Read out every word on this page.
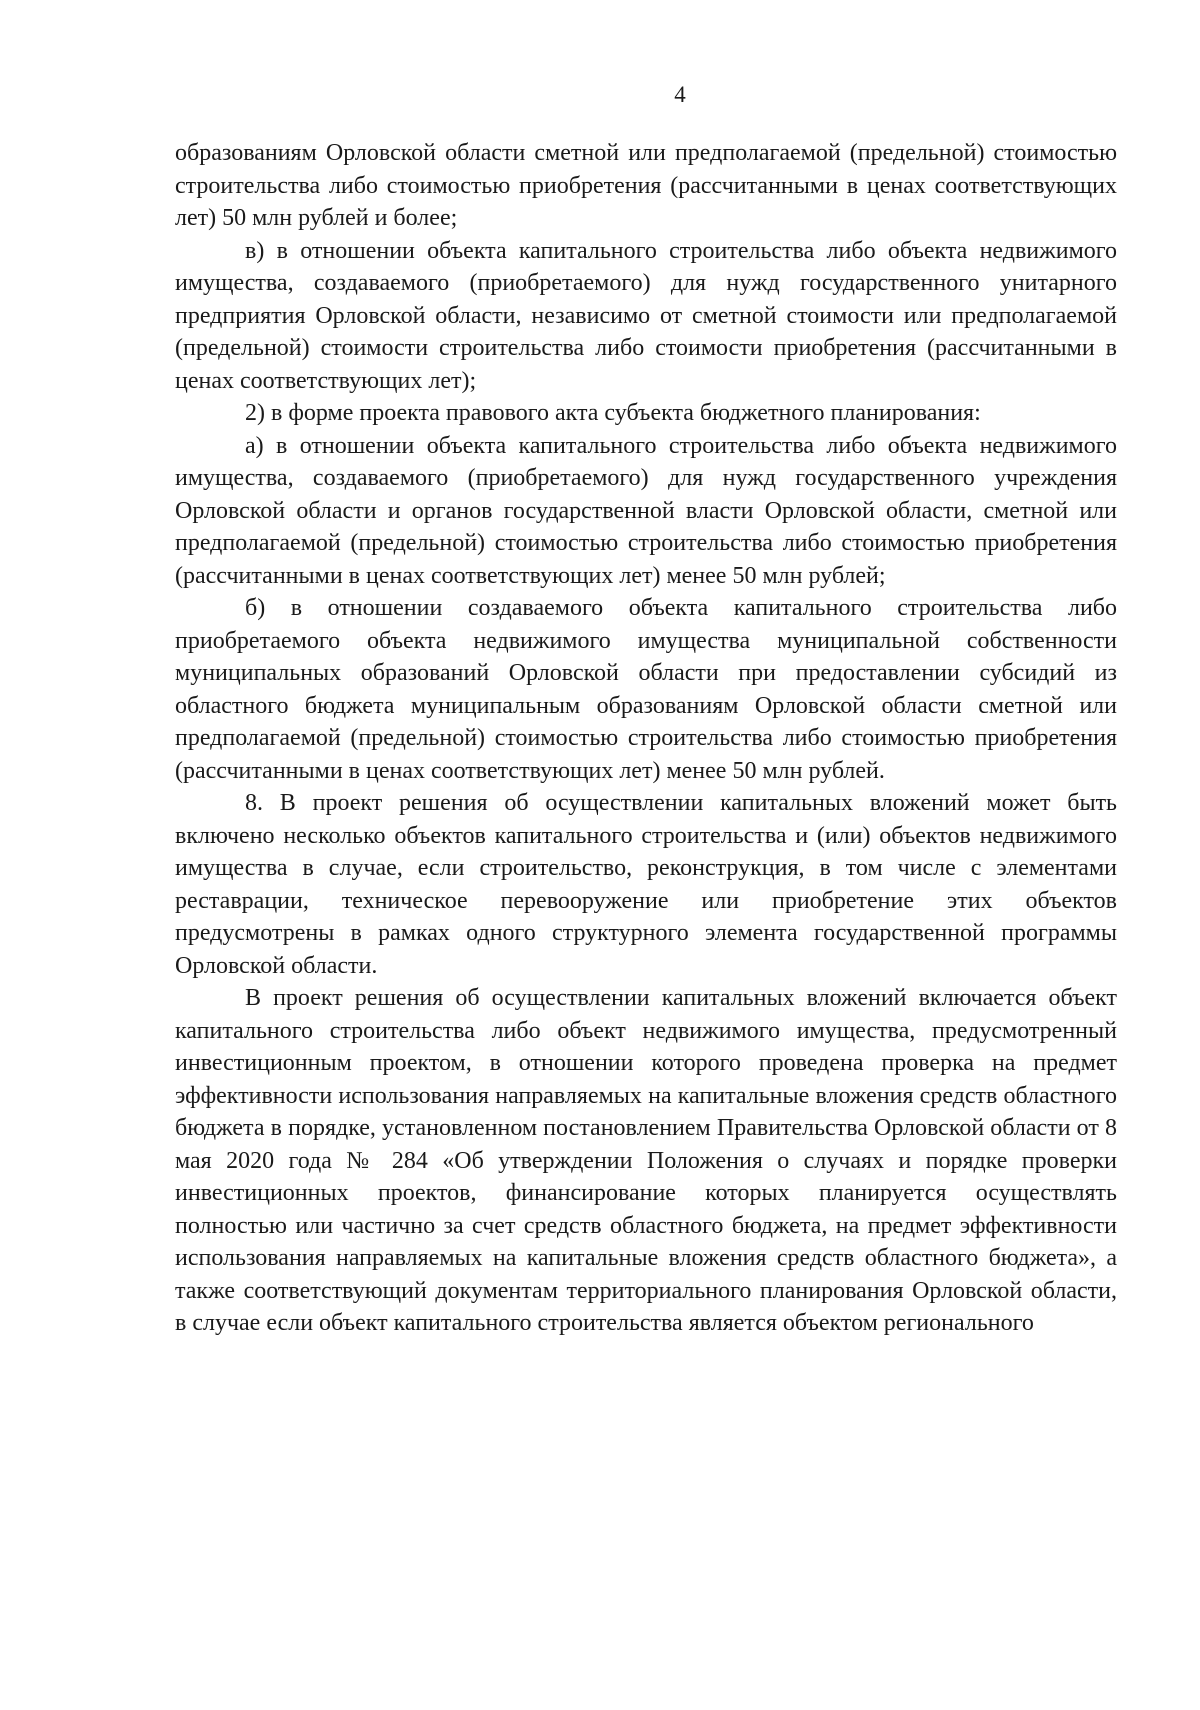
4

образованиям Орловской области сметной или предполагаемой (предельной) стоимостью строительства либо стоимостью приобретения (рассчитанными в ценах соответствующих лет) 50 млн рублей и более;

в) в отношении объекта капитального строительства либо объекта недвижимого имущества, создаваемого (приобретаемого) для нужд государственного унитарного предприятия Орловской области, независимо от сметной стоимости или предполагаемой (предельной) стоимости строительства либо стоимости приобретения (рассчитанными в ценах соответствующих лет);

2) в форме проекта правового акта субъекта бюджетного планирования:

а) в отношении объекта капитального строительства либо объекта недвижимого имущества, создаваемого (приобретаемого) для нужд государственного учреждения Орловской области и органов государственной власти Орловской области, сметной или предполагаемой (предельной) стоимостью строительства либо стоимостью приобретения (рассчитанными в ценах соответствующих лет) менее 50 млн рублей;

б) в отношении создаваемого объекта капитального строительства либо приобретаемого объекта недвижимого имущества муниципальной собственности муниципальных образований Орловской области при предоставлении субсидий из областного бюджета муниципальным образованиям Орловской области сметной или предполагаемой (предельной) стоимостью строительства либо стоимостью приобретения (рассчитанными в ценах соответствующих лет) менее 50 млн рублей.

8. В проект решения об осуществлении капитальных вложений может быть включено несколько объектов капитального строительства и (или) объектов недвижимого имущества в случае, если строительство, реконструкция, в том числе с элементами реставрации, техническое перевооружение или приобретение этих объектов предусмотрены в рамках одного структурного элемента государственной программы Орловской области.

В проект решения об осуществлении капитальных вложений включается объект капитального строительства либо объект недвижимого имущества, предусмотренный инвестиционным проектом, в отношении которого проведена проверка на предмет эффективности использования направляемых на капитальные вложения средств областного бюджета в порядке, установленном постановлением Правительства Орловской области от 8 мая 2020 года № 284 «Об утверждении Положения о случаях и порядке проверки инвестиционных проектов, финансирование которых планируется осуществлять полностью или частично за счет средств областного бюджета, на предмет эффективности использования направляемых на капитальные вложения средств областного бюджета», а также соответствующий документам территориального планирования Орловской области, в случае если объект капитального строительства является объектом регионального
